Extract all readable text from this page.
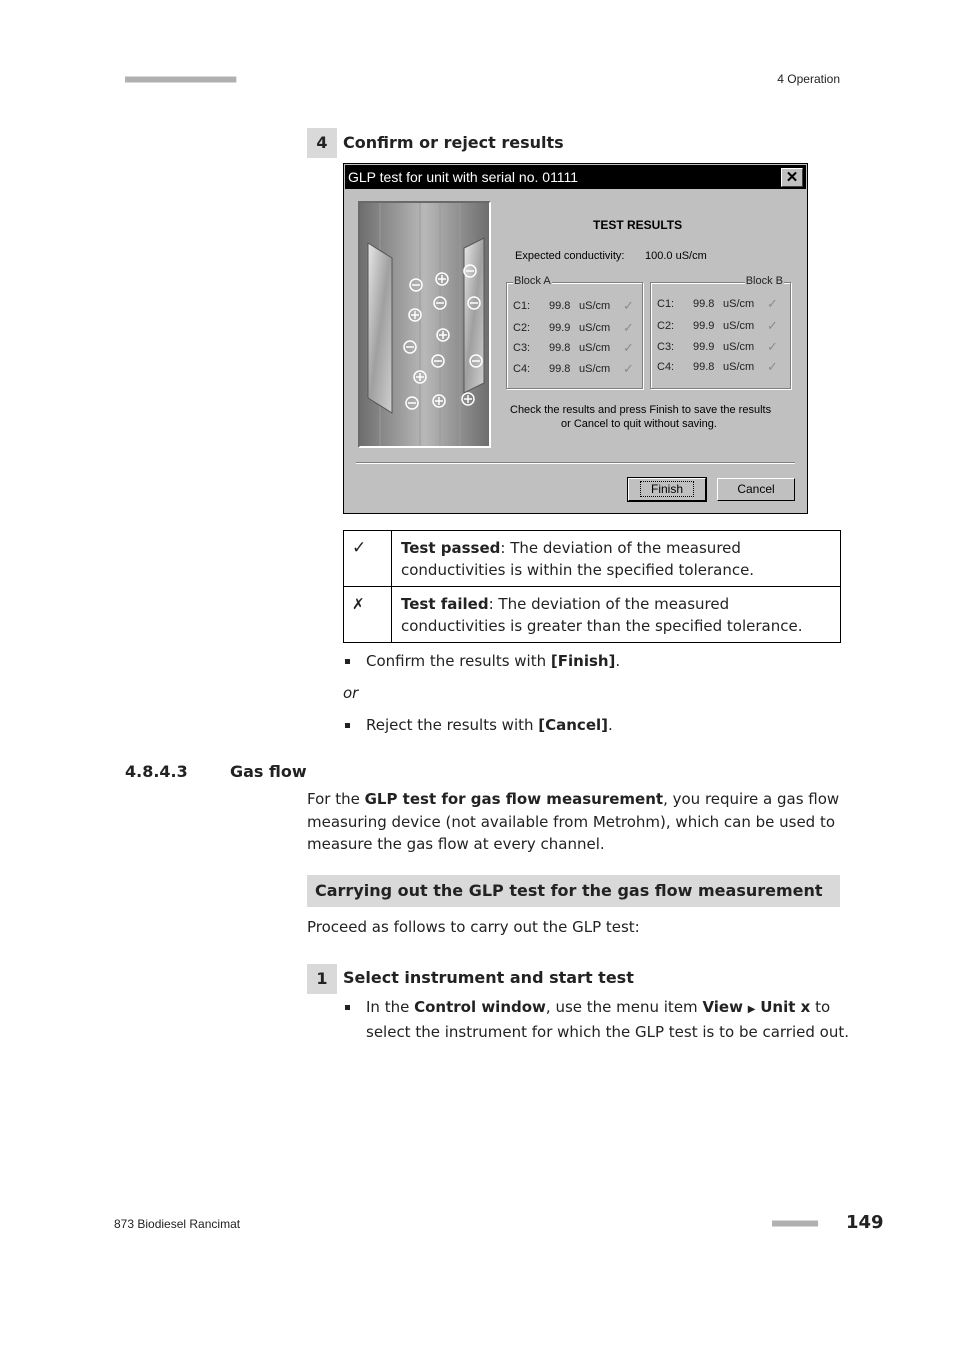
■■■■■■■■■■■■■■■■■■■■■■	4 Operation
4 Confirm or reject results
GLP test for unit with serial no. 01111	✕
TEST RESULTS
Expected conductivity: 100.0 uS/cm
Block A
C1: 99.8 uS/cm ✓
C2: 99.9 uS/cm ✓
C3: 99.8 uS/cm ✓
C4: 99.8 uS/cm ✓
Block B
C1: 99.8 uS/cm ✓
C2: 99.9 uS/cm ✓
C3: 99.9 uS/cm ✓
C4: 99.8 uS/cm ✓
Check the results and press Finish to save the results
or Cancel to quit without saving.
Finish	Cancel
✓	Test passed: The deviation of the measured conductivities is within the specified tolerance.
✗	Test failed: The deviation of the measured conductivities is greater than the specified tolerance.
Confirm the results with [Finish].
or
Reject the results with [Cancel].
4.8.4.3	Gas flow
For the GLP test for gas flow measurement, you require a gas flow
measuring device (not available from Metrohm), which can be used to
measure the gas flow at every channel.
Carrying out the GLP test for the gas flow measurement
Proceed as follows to carry out the GLP test:
1 Select instrument and start test
In the Control window, use the menu item View ▶ Unit x to
select the instrument for which the GLP test is to be carried out.
873 Biodiesel Rancimat	■■■■■■■■■ 149
